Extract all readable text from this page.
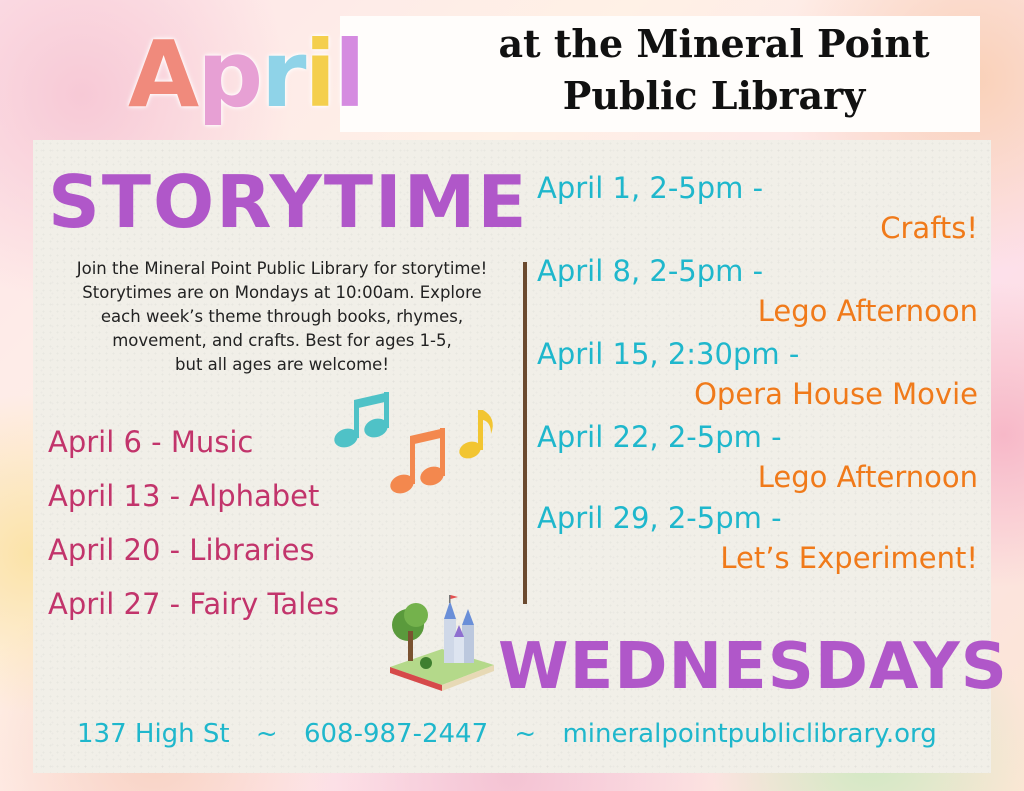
April	at the Mineral Point
Public Library
STORYTIME
Join the Mineral Point Public Library for storytime!
Storytimes are on Mondays at 10:00am. Explore
each week’s theme through books, rhymes,
movement, and crafts. Best for ages 1-5,
but all ages are welcome!
April 6 - Music
April 13 - Alphabet
April 20 - Libraries
April 27 - Fairy Tales
April 1, 2-5pm -
Crafts!
April 8, 2-5pm -
Lego Afternoon
April 15, 2:30pm -
Opera House Movie
April 22, 2-5pm -
Lego Afternoon
April 29, 2-5pm -
Let’s Experiment!
WEDNESDAYS
137 High St ~ 608-987-2447 ~ mineralpointpubliclibrary.org
